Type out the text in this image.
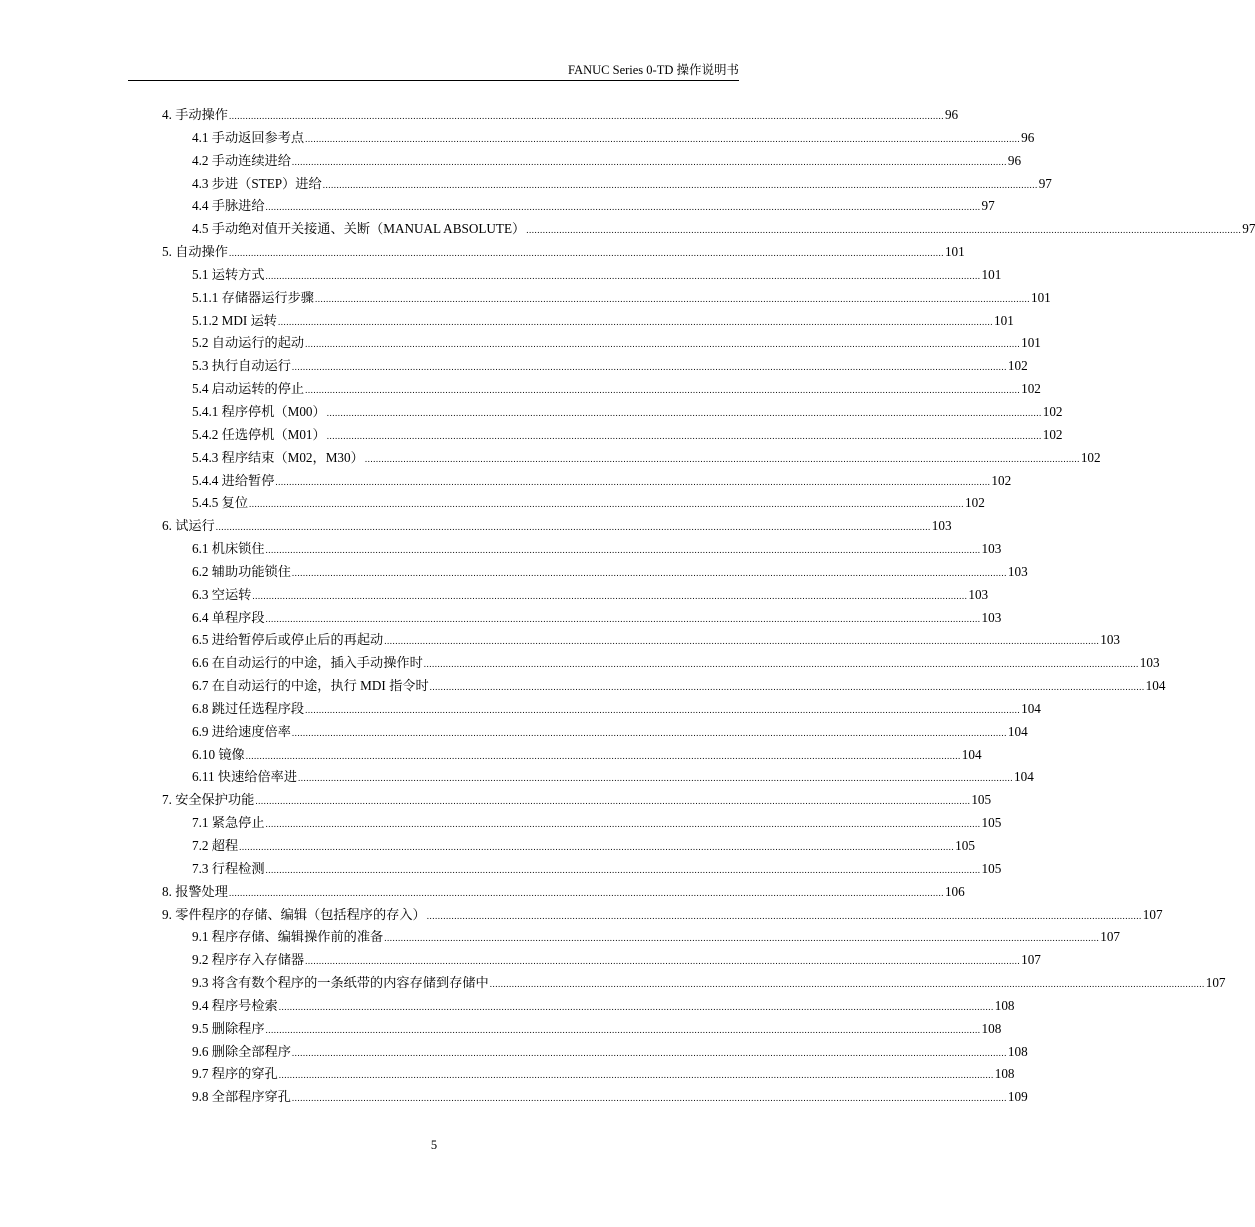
FANUC Series 0-TD 操作说明书
4. 手动操作 .................................................................................................................................................................................................................................................................... 96
4.1 手动返回参考点 .................................................................................................................................................................................................................................................................... 96
4.2 手动连续进给 .................................................................................................................................................................................................................................................................... 96
4.3 步进（STEP）进给 .................................................................................................................................................................................................................................................................... 97
4.4 手脉进给 .................................................................................................................................................................................................................................................................... 97
4.5 手动绝对值开关接通、关断（MANUAL ABSOLUTE） .................................................................................................................................................................................................................................................................... 97
5. 自动操作 .................................................................................................................................................................................................................................................................... 101
5.1 运转方式 .................................................................................................................................................................................................................................................................... 101
5.1.1 存储器运行步骤 .................................................................................................................................................................................................................................................................... 101
5.1.2 MDI 运转 .................................................................................................................................................................................................................................................................... 101
5.2 自动运行的起动 .................................................................................................................................................................................................................................................................... 101
5.3 执行自动运行 .................................................................................................................................................................................................................................................................... 102
5.4 启动运转的停止 .................................................................................................................................................................................................................................................................... 102
5.4.1 程序停机（M00） .................................................................................................................................................................................................................................................................... 102
5.4.2 任选停机（M01） .................................................................................................................................................................................................................................................................... 102
5.4.3 程序结束（M02，M30） .................................................................................................................................................................................................................................................................... 102
5.4.4 进给暂停 .................................................................................................................................................................................................................................................................... 102
5.4.5 复位 .................................................................................................................................................................................................................................................................... 102
6. 试运行 .................................................................................................................................................................................................................................................................... 103
6.1 机床锁住 .................................................................................................................................................................................................................................................................... 103
6.2 辅助功能锁住 .................................................................................................................................................................................................................................................................... 103
6.3 空运转 .................................................................................................................................................................................................................................................................... 103
6.4 单程序段 .................................................................................................................................................................................................................................................................... 103
6.5 进给暂停后或停止后的再起动 .................................................................................................................................................................................................................................................................... 103
6.6 在自动运行的中途，插入手动操作时 .................................................................................................................................................................................................................................................................... 103
6.7 在自动运行的中途，执行 MDI 指令时 .................................................................................................................................................................................................................................................................... 104
6.8 跳过任选程序段 .................................................................................................................................................................................................................................................................... 104
6.9 进给速度倍率 .................................................................................................................................................................................................................................................................... 104
6.10 镜像 .................................................................................................................................................................................................................................................................... 104
6.11 快速给倍率进 .................................................................................................................................................................................................................................................................... 104
7. 安全保护功能 .................................................................................................................................................................................................................................................................... 105
7.1 紧急停止 .................................................................................................................................................................................................................................................................... 105
7.2 超程 .................................................................................................................................................................................................................................................................... 105
7.3 行程检测 .................................................................................................................................................................................................................................................................... 105
8. 报警处理 .................................................................................................................................................................................................................................................................... 106
9. 零件程序的存储、编辑（包括程序的存入） .................................................................................................................................................................................................................................................................... 107
9.1 程序存储、编辑操作前的准备 .................................................................................................................................................................................................................................................................... 107
9.2 程序存入存储器 .................................................................................................................................................................................................................................................................... 107
9.3 将含有数个程序的一条纸带的内容存储到存储中 .................................................................................................................................................................................................................................................................... 107
9.4 程序号检索 .................................................................................................................................................................................................................................................................... 108
9.5 删除程序 .................................................................................................................................................................................................................................................................... 108
9.6 删除全部程序 .................................................................................................................................................................................................................................................................... 108
9.7 程序的穿孔 .................................................................................................................................................................................................................................................................... 108
9.8 全部程序穿孔 .................................................................................................................................................................................................................................................................... 109
5
